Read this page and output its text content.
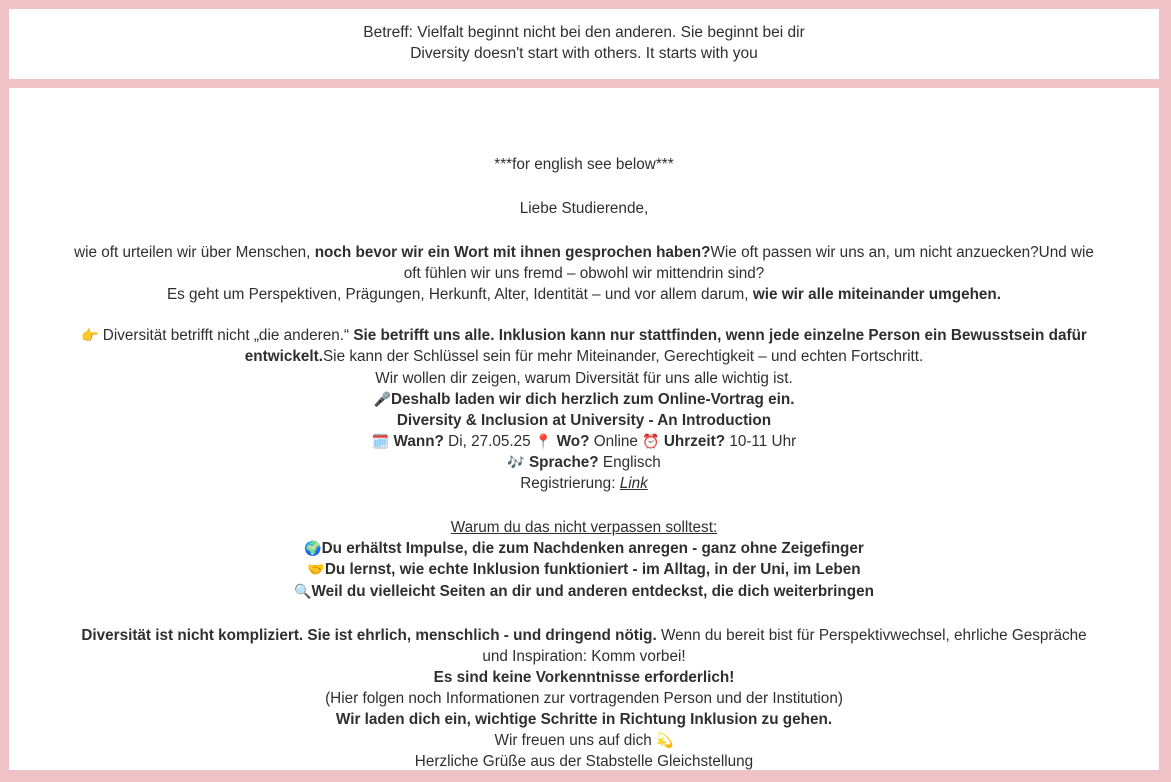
Betreff: Vielfalt beginnt nicht bei den anderen. Sie beginnt bei dir

Diversity doesn't start with others. It starts with you

***for english see below***

Liebe Studierende,

wie oft urteilen wir über Menschen, noch bevor wir ein Wort mit ihnen gesprochen haben?Wie oft passen wir uns an, um nicht anzuecken?Und wie oft fühlen wir uns fremd – obwohl wir mittendrin sind?

Es geht um Perspektiven, Prägungen, Herkunft, Alter, Identität – und vor allem darum, wie wir alle miteinander umgehen.

👉 Diversität betrifft nicht „die anderen.“ Sie betrifft uns alle. Inklusion kann nur stattfinden, wenn jede einzelne Person ein Bewusstsein dafür entwickelt.Sie kann der Schlüssel sein für mehr Miteinander, Gerechtigkeit – und echten Fortschritt.

Wir wollen dir zeigen, warum Diversität für uns alle wichtig ist.

🎤Deshalb laden wir dich herzlich zum Online-Vortrag ein.

Diversity & Inclusion at University - An Introduction

🗓️ Wann? Di, 27.05.25 📍 Wo? Online ⏰ Uhrzeit? 10-11 Uhr

🎶 Sprache? Englisch

Registrierung: Link

Warum du das nicht verpassen solltest:

🌍Du erhältst Impulse, die zum Nachdenken anregen - ganz ohne Zeigefinger

🤝Du lernst, wie echte Inklusion funktioniert - im Alltag, in der Uni, im Leben

🔍Weil du vielleicht Seiten an dir und anderen entdeckst, die dich weiterbringen

Diversität ist nicht kompliziert. Sie ist ehrlich, menschlich - und dringend nötig. Wenn du bereit bist für Perspektivwechsel, ehrliche Gespräche und Inspiration: Komm vorbei!

Es sind keine Vorkenntnisse erforderlich!

(Hier folgen noch Informationen zur vortragenden Person und der Institution)

Wir laden dich ein, wichtige Schritte in Richtung Inklusion zu gehen.

Wir freuen uns auf dich 💫

Herzliche Grüße aus der Stabstelle Gleichstellung
